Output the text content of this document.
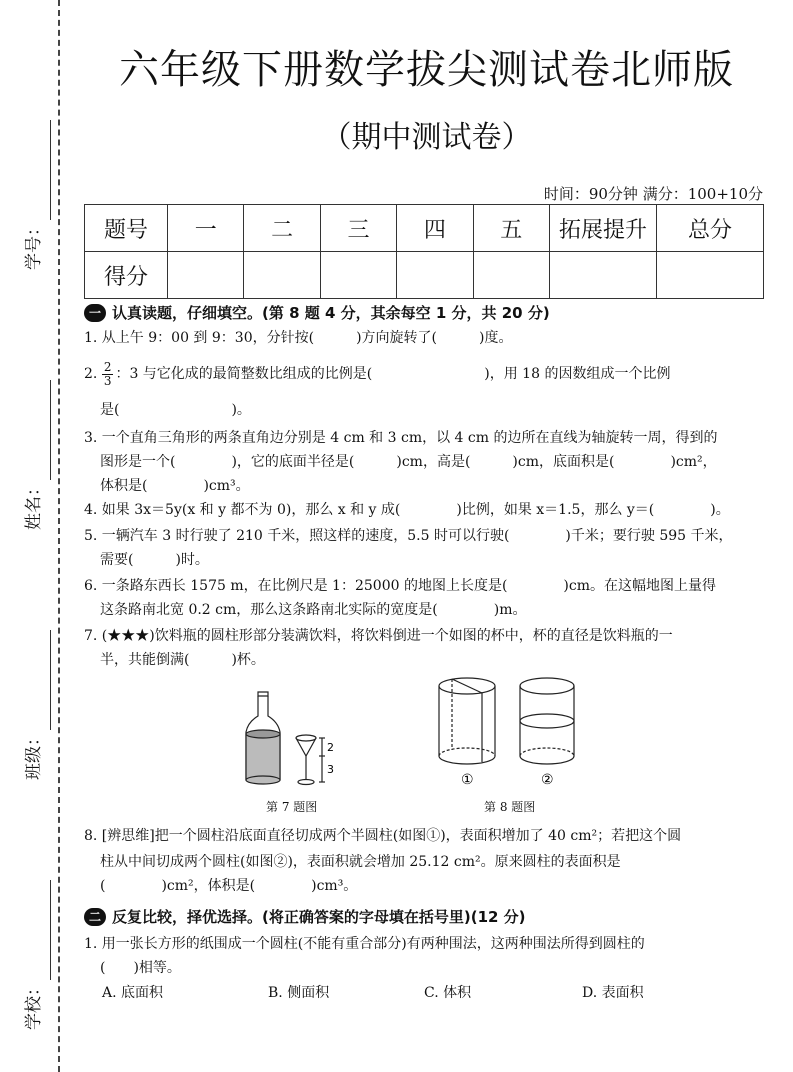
学号：
姓名：
班级：
学校：
六年级下册数学拔尖测试卷北师版
（期中测试卷）
时间：90分钟 满分：100+10分
题号	一	二	三	四	五	拓展提升	总分
得分							
一 认真读题，仔细填空。(第 8 题 4 分，其余每空 1 分，共 20 分)
1. 从上午 9：00 到 9：30，分针按(　　　)方向旋转了(　　　)度。
2. $\frac{2}{3}$ ：3 与它化成的最简整数比组成的比例是(　　　　　　　　)，用 18 的因数组成一个比例
是(　　　　　　　　)。
3. 一个直角三角形的两条直角边分别是 4 cm 和 3 cm，以 4 cm 的边所在直线为轴旋转一周，得到的
图形是一个(　　　　)，它的底面半径是(　　　)cm，高是(　　　)cm，底面积是(　　　　)cm²，
体积是(　　　　)cm³。
4. 如果 3x＝5y(x 和 y 都不为 0)，那么 x 和 y 成(　　　　)比例，如果 x＝1.5，那么 y＝(　　　　)。
5. 一辆汽车 3 时行驶了 210 千米，照这样的速度，5.5 时可以行驶(　　　　)千米；要行驶 595 千米，
需要(　　　)时。
6. 一条路东西长 1575 m，在比例尺是 1：25000 的地图上长度是(　　　　)cm。在这幅地图上量得
这条路南北宽 0.2 cm，那么这条路南北实际的宽度是(　　　　)m。
7. (★★★)饮料瓶的圆柱形部分装满饮料，将饮料倒进一个如图的杯中，杯的直径是饮料瓶的一
半，共能倒满(　　　)杯。
2
3
第 7 题图
①	②
第 8 题图
8. [辨思维]把一个圆柱沿底面直径切成两个半圆柱(如图①)，表面积增加了 40 cm²；若把这个圆
柱从中间切成两个圆柱(如图②)，表面积就会增加 25.12 cm²。原来圆柱的表面积是
(　　　　)cm²，体积是(　　　　)cm³。
二 反复比较，择优选择。(将正确答案的字母填在括号里)(12 分)
1. 用一张长方形的纸围成一个圆柱(不能有重合部分)有两种围法，这两种围法所得到圆柱的
(　　)相等。
A. 底面积	B. 侧面积	C. 体积	D. 表面积
